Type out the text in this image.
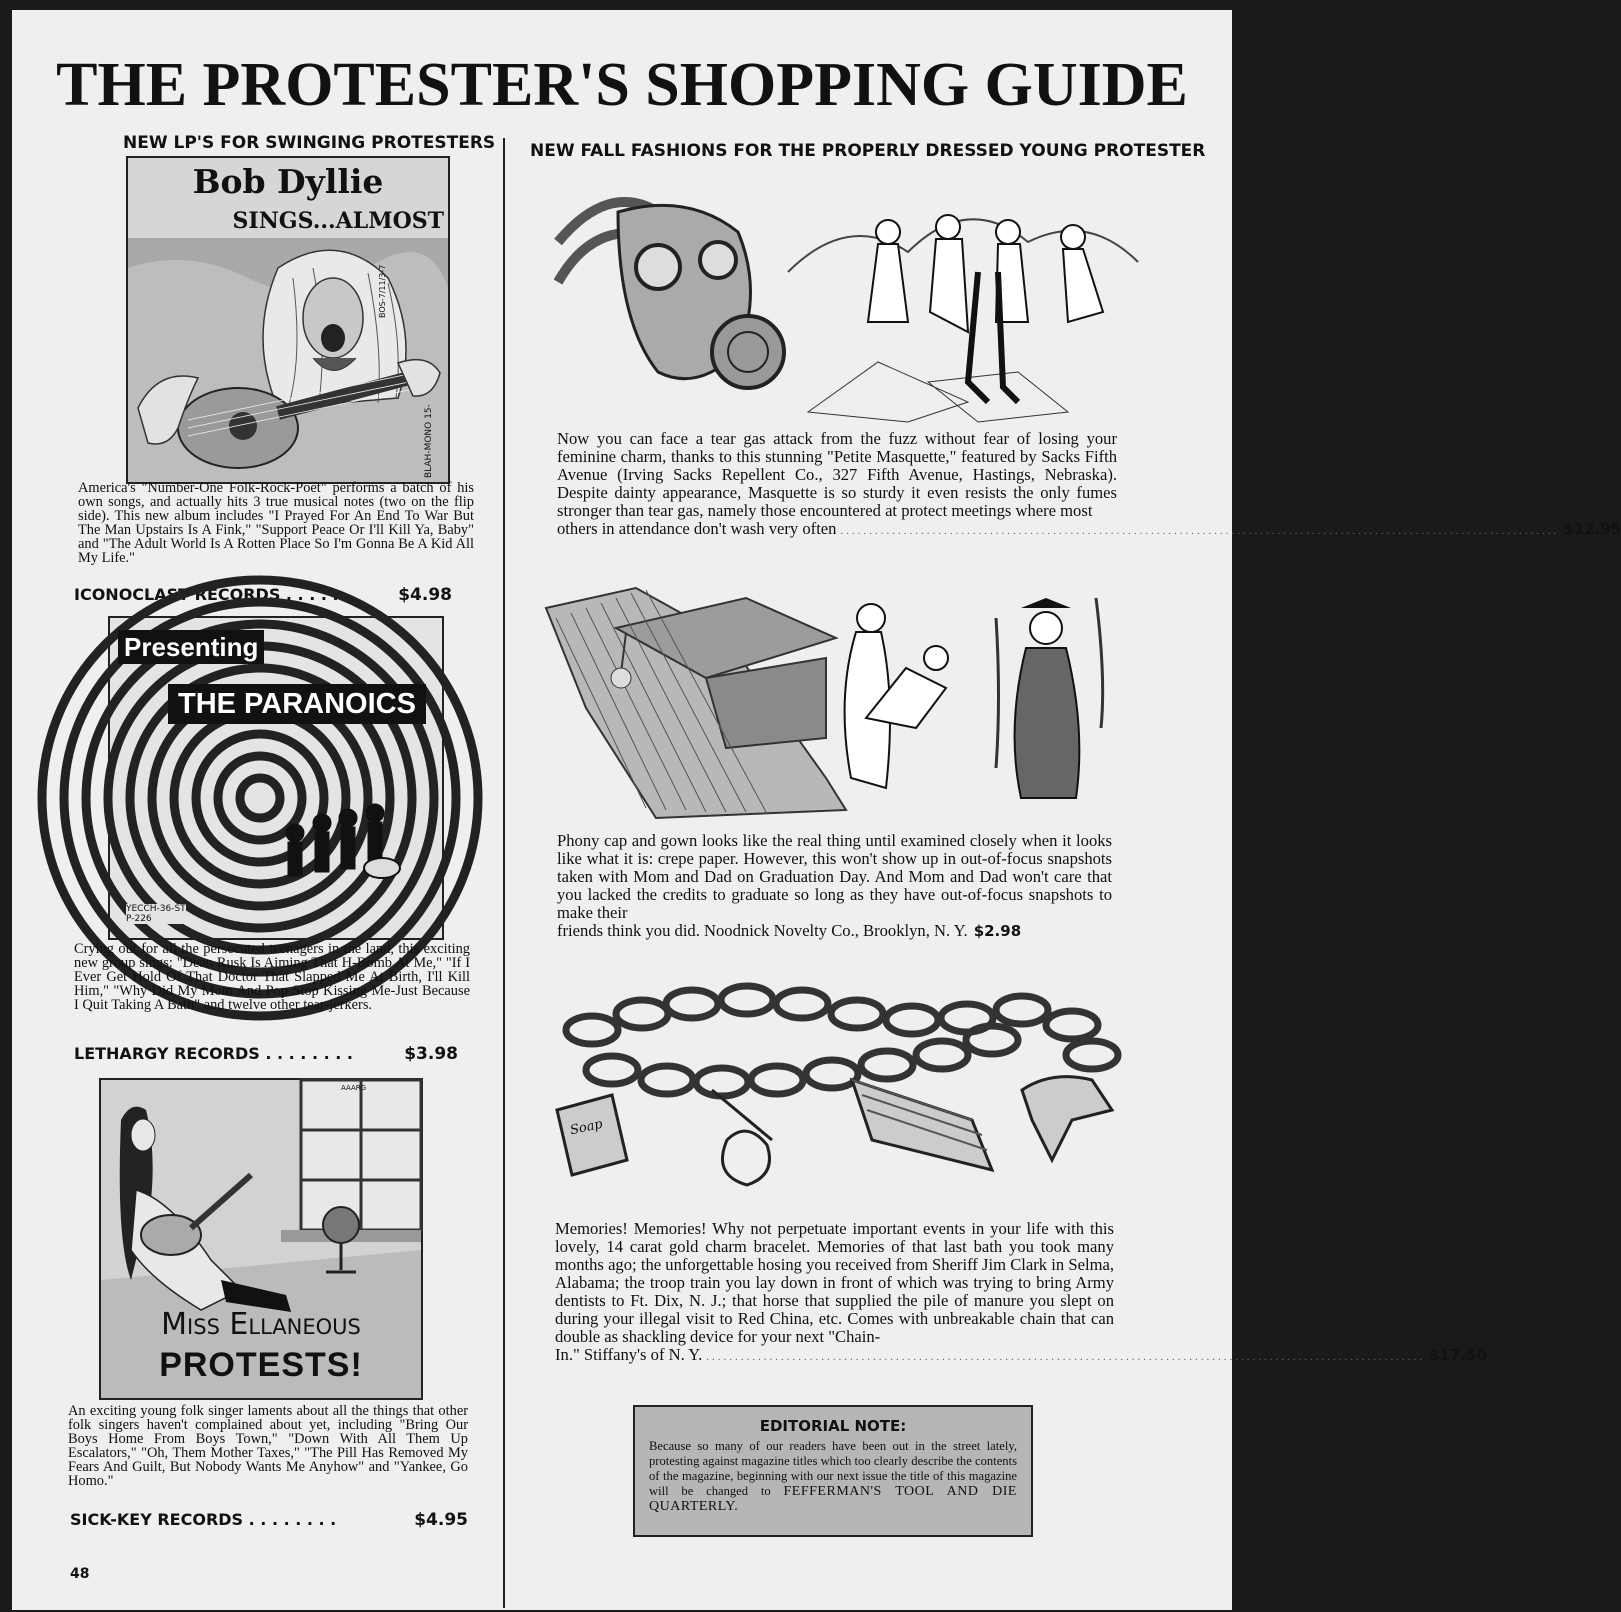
THE PROTESTER'S SHOPPING GUIDE
NEW LP'S FOR SWINGING PROTESTERS NEW FALL FASHIONS FOR THE PROPERLY DRESSED YOUNG PROTESTER
Bob Dyllie
SINGS...ALMOST
BOS-7/11/3-7
BLAH-MONO 15-
America's "Number-One Folk-Rock-Poet" performs a batch of his own songs, and actually hits 3 true musical notes (two on the flip side). This new album includes "I Prayed For An End To War But The Man Upstairs Is A Fink," "Support Peace Or I'll Kill Ya, Baby" and "The Adult World Is A Rotten Place So I'm Gonna Be A Kid All My Life."
ICONOCLAST RECORDS . . . . . .	$4.98
Presenting
THE PARANOICS
YECCH-36-ST
P-226
Crying out for all the persecuted teenagers in the land, this exciting new group sings: "Dean Rusk Is Aiming That H-Bomb At Me," "If I Ever Get Hold Of That Doctor That Slapped Me At Birth, I'll Kill Him," "Why Did My Mom And Pop Stop Kissing Me-Just Because I Quit Taking A Bath" and twelve other tear-jerkers.
LETHARGY RECORDS . . . . . . . .	$3.98
AAARG
Miss Ellaneous
PROTESTS!
An exciting young folk singer laments about all the things that other folk singers haven't complained about yet, including "Bring Our Boys Home From Boys Town," "Down With All Them Up Escalators," "Oh, Them Mother Taxes," "The Pill Has Removed My Fears And Guilt, But Nobody Wants Me Anyhow" and "Yankee, Go Homo."
SICK-KEY RECORDS . . . . . . . .	$4.95
Now you can face a tear gas attack from the fuzz without fear of losing your feminine charm, thanks to this stunning "Petite Masquette," featured by Sacks Fifth Avenue (Irving Sacks Repellent Co., 327 Fifth Avenue, Hastings, Nebraska). Despite dainty appearance, Masquette is so sturdy it even resists the only fumes stronger than tear gas, namely those encountered at protect meetings where most
others in attendance don't wash very often ............................................................................................................................. $12.95
Phony cap and gown looks like the real thing until examined closely when it looks like what it is: crepe paper. However, this won't show up in out-of-focus snapshots taken with Mom and Dad on Graduation Day. And Mom and Dad won't care that you lacked the credits to graduate so long as they have out-of-focus snapshots to make their
friends think you did. Noodnick Novelty Co., Brooklyn, N. Y. $2.98
Soap
Memories! Memories! Why not perpetuate important events in your life with this lovely, 14 carat gold charm bracelet. Memories of that last bath you took many months ago; the unforgettable hosing you received from Sheriff Jim Clark in Selma, Alabama; the troop train you lay down in front of which was trying to bring Army dentists to Ft. Dix, N. J.; that horse that supplied the pile of manure you slept on during your illegal visit to Red China, etc. Comes with unbreakable chain that can double as shackling device for your next "Chain-
In." Stiffany's of N. Y. ............................................................................................................................. $17.50
EDITORIAL NOTE:

Because so many of our readers have been out in the street lately, protesting against magazine titles which too clearly describe the contents of the magazine, beginning with our next issue the title of this magazine will be changed to FEFFERMAN'S TOOL AND DIE QUARTERLY.

48
